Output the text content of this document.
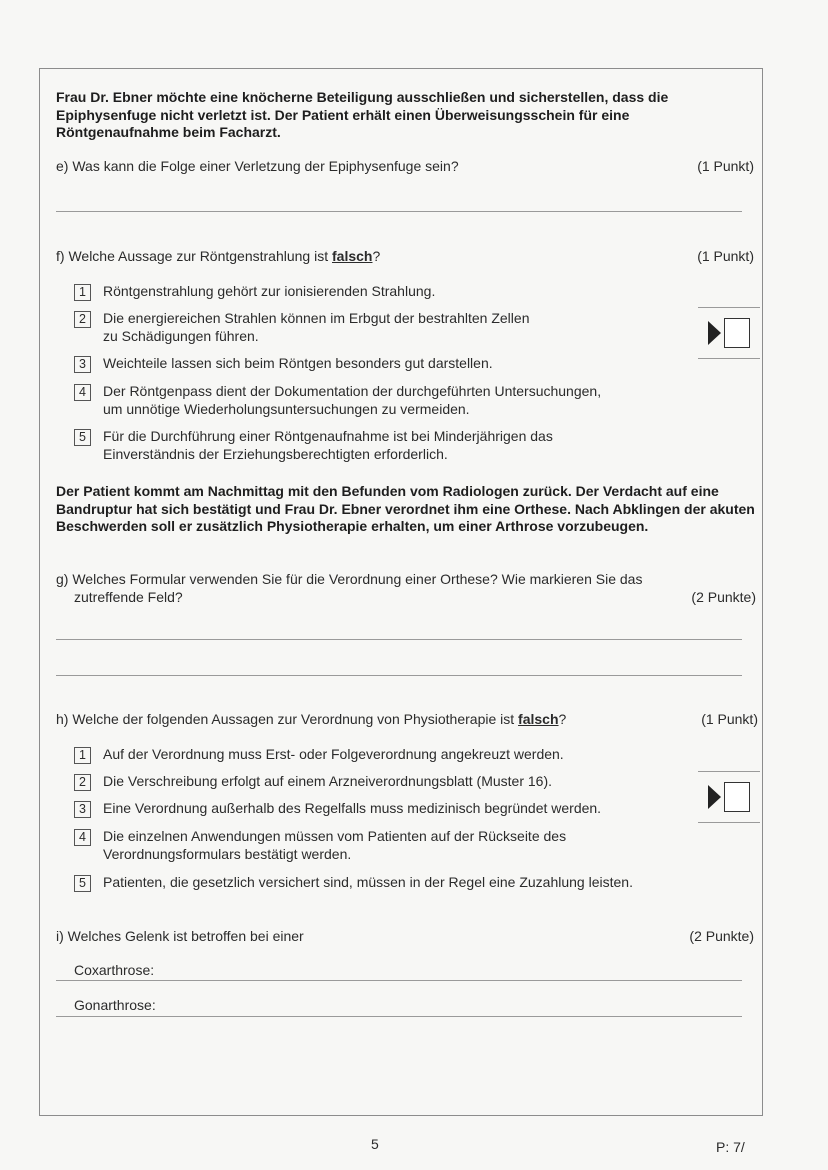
Frau Dr. Ebner möchte eine knöcherne Beteiligung ausschließen und sicherstellen, dass die Epiphysenfuge nicht verletzt ist. Der Patient erhält einen Überweisungsschein für eine Röntgenaufnahme beim Facharzt.

e) Was kann die Folge einer Verletzung der Epiphysenfuge sein?	(1 Punkt)
f) Welche Aussage zur Röntgenstrahlung ist falsch?	(1 Punkt)
1	Röntgenstrahlung gehört zur ionisierenden Strahlung.
2	Die energiereichen Strahlen können im Erbgut der bestrahlten Zellen
zu Schädigungen führen.
3	Weichteile lassen sich beim Röntgen besonders gut darstellen.
4	Der Röntgenpass dient der Dokumentation der durchgeführten Untersuchungen,
um unnötige Wiederholungsuntersuchungen zu vermeiden.
5	Für die Durchführung einer Röntgenaufnahme ist bei Minderjährigen das
Einverständnis der Erziehungsberechtigten erforderlich.

Der Patient kommt am Nachmittag mit den Befunden vom Radiologen zurück. Der Verdacht auf eine Bandruptur hat sich bestätigt und Frau Dr. Ebner verordnet ihm eine Orthese. Nach Abklingen der akuten Beschwerden soll er zusätzlich Physiotherapie erhalten, um einer Arthrose vorzubeugen.

g) Welches Formular verwenden Sie für die Verordnung einer Orthese? Wie markieren Sie das
zutreffende Feld?	(2 Punkte)
h) Welche der folgenden Aussagen zur Verordnung von Physiotherapie ist falsch?	(1 Punkt)
1	Auf der Verordnung muss Erst- oder Folgeverordnung angekreuzt werden.
2	Die Verschreibung erfolgt auf einem Arzneiverordnungsblatt (Muster 16).
3	Eine Verordnung außerhalb des Regelfalls muss medizinisch begründet werden.
4	Die einzelnen Anwendungen müssen vom Patienten auf der Rückseite des
Verordnungsformulars bestätigt werden.
5	Patienten, die gesetzlich versichert sind, müssen in der Regel eine Zuzahlung leisten.
i) Welches Gelenk ist betroffen bei einer	(2 Punkte)
Coxarthrose:
Gonarthrose:
5	P: 7/
